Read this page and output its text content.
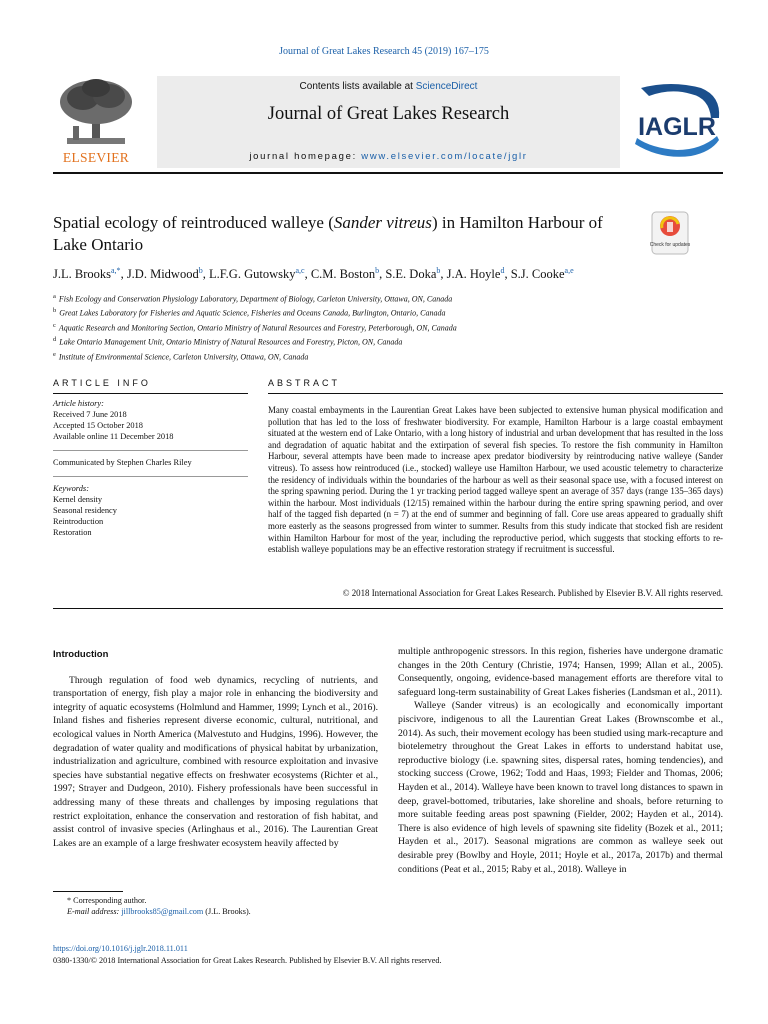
Journal of Great Lakes Research 45 (2019) 167–175
ELSEVIER
Contents lists available at ScienceDirect
Journal of Great Lakes Research
journal homepage: www.elsevier.com/locate/jglr
IAGLR
Spatial ecology of reintroduced walleye (Sander vitreus) in Hamilton Harbour of Lake Ontario	Check for updates
J.L. Brooks$^{a,*}$, J.D. Midwood$^b$, L.F.G. Gutowsky$^{a,c}$, C.M. Boston$^b$, S.E. Doka$^b$, J.A. Hoyle$^d$, S.J. Cooke$^{a,e}$
$^a$ Fish Ecology and Conservation Physiology Laboratory, Department of Biology, Carleton University, Ottawa, ON, Canada
$^b$ Great Lakes Laboratory for Fisheries and Aquatic Science, Fisheries and Oceans Canada, Burlington, Ontario, Canada
$^c$ Aquatic Research and Monitoring Section, Ontario Ministry of Natural Resources and Forestry, Peterborough, ON, Canada
$^d$ Lake Ontario Management Unit, Ontario Ministry of Natural Resources and Forestry, Picton, ON, Canada
$^e$ Institute of Environmental Science, Carleton University, Ottawa, ON, Canada
ARTICLE INFO	ABSTRACT
Article history:
Received 7 June 2018
Accepted 15 October 2018
Available online 11 December 2018
Communicated by Stephen Charles Riley
Keywords:
Kernel density
Seasonal residency
Reintroduction
Restoration
Many coastal embayments in the Laurentian Great Lakes have been subjected to extensive human physical modification and pollution that has led to the loss of freshwater biodiversity. For example, Hamilton Harbour is a large coastal embayment situated at the western end of Lake Ontario, with a long history of industrial and urban development that has resulted in the loss and degradation of aquatic habitat and the extirpation of several fish species. To restore the fish community in Hamilton Harbour, several attempts have been made to increase apex predator biodiversity by reintroducing native walleye (Sander vitreus). To assess how reintroduced (i.e., stocked) walleye use Hamilton Harbour, we used acoustic telemetry to characterize the residency of individuals within the boundaries of the harbour as well as their seasonal space use, with a focused interest on the spring spawning period. During the 1 yr tracking period tagged walleye spent an average of 357 days (range 135–365 days) within the harbour. Most individuals (12/15) remained within the harbour during the entire spring spawning period, and over half of the tagged fish departed (n = 7) at the end of summer and beginning of fall. Core use areas appeared to gradually shift more easterly as the seasons progressed from winter to summer. Results from this study indicate that stocked fish are resident within Hamilton Harbour for most of the year, including the reproductive period, which suggests that stocking efforts to re-establish walleye populations may be an effective restoration strategy if recruitment is successful.
© 2018 International Association for Great Lakes Research. Published by Elsevier B.V. All rights reserved.
Introduction

Through regulation of food web dynamics, recycling of nutrients, and transportation of energy, fish play a major role in enhancing the biodiversity and integrity of aquatic ecosystems (Holmlund and Hammer, 1999; Lynch et al., 2016). Inland fishes and fisheries represent diverse economic, cultural, nutritional, and ecological values in North America (Malvestuto and Hudgins, 1996). However, the degradation of water quality and modifications of physical habitat by urbanization, industrialization and agriculture, combined with resource exploitation and invasive species have substantial negative effects on freshwater ecosystems (Richter et al., 1997; Strayer and Dudgeon, 2010). Fishery professionals have been successful in addressing many of these threats and challenges by imposing regulations that restrict exploitation, enhance the conservation and restoration of fish habitat, and assist control of invasive species (Arlinghaus et al., 2016). The Laurentian Great Lakes are an example of a large freshwater ecosystem heavily affected by

multiple anthropogenic stressors. In this region, fisheries have undergone dramatic changes in the 20th Century (Christie, 1974; Hansen, 1999; Allan et al., 2005). Consequently, ongoing, evidence-based management efforts are therefore vital to safeguard long-term sustainability of Great Lakes fisheries (Landsman et al., 2011).

Walleye (Sander vitreus) is an ecologically and economically important piscivore, indigenous to all the Laurentian Great Lakes (Brownscombe et al., 2014). As such, their movement ecology has been studied using mark-recapture and biotelemetry throughout the Great Lakes in efforts to understand habitat use, reproductive biology (i.e. spawning sites, dispersal rates, homing tendencies), and stocking success (Crowe, 1962; Todd and Haas, 1993; Fielder and Thomas, 2006; Hayden et al., 2014). Walleye have been known to travel long distances to spawn in deep, gravel-bottomed, tributaries, lake shoreline and shoals, before returning to more suitable feeding areas post spawning (Fielder, 2002; Hayden et al., 2014). There is also evidence of high levels of spawning site fidelity (Bozek et al., 2011; Hayden et al., 2017). Seasonal migrations are common as walleye seek out desirable prey (Bowlby and Hoyle, 2011; Hoyle et al., 2017a, 2017b) and thermal conditions (Peat et al., 2015; Raby et al., 2018). Walleye in

* Corresponding author.
E-mail address: jillbrooks85@gmail.com (J.L. Brooks).
https://doi.org/10.1016/j.jglr.2018.11.011
0380-1330/© 2018 International Association for Great Lakes Research. Published by Elsevier B.V. All rights reserved.
